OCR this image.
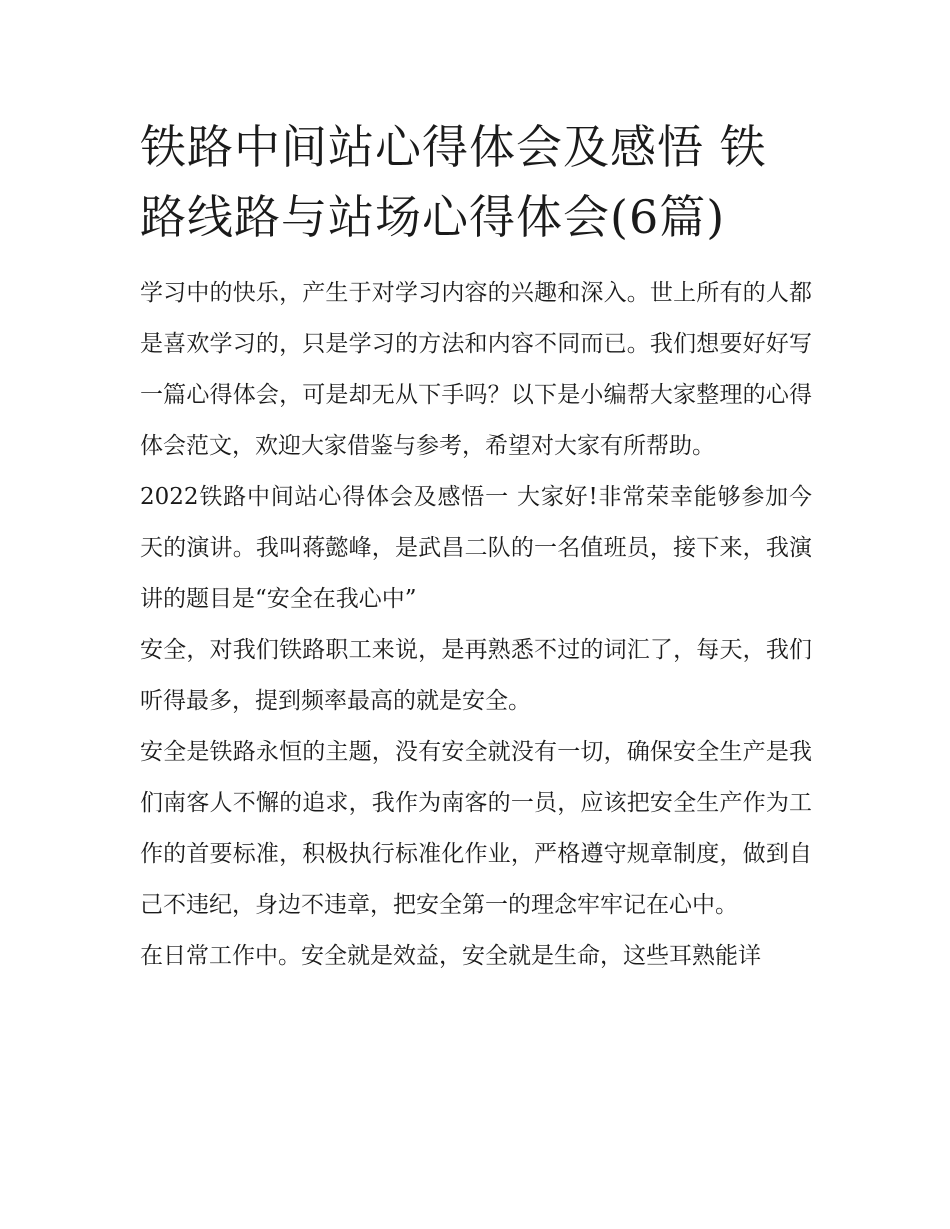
铁路中间站心得体会及感悟 铁路线路与站场心得体会(6篇)

学习中的快乐，产生于对学习内容的兴趣和深入。世上所有的人都是喜欢学习的，只是学习的方法和内容不同而已。我们想要好好写一篇心得体会，可是却无从下手吗？以下是小编帮大家整理的心得体会范文，欢迎大家借鉴与参考，希望对大家有所帮助。

2022铁路中间站心得体会及感悟一 大家好!非常荣幸能够参加今天的演讲。我叫蒋懿峰，是武昌二队的一名值班员，接下来，我演讲的题目是“安全在我心中”

安全，对我们铁路职工来说，是再熟悉不过的词汇了，每天，我们听得最多，提到频率最高的就是安全。

安全是铁路永恒的主题，没有安全就没有一切，确保安全生产是我们南客人不懈的追求，我作为南客的一员，应该把安全生产作为工作的首要标准，积极执行标准化作业，严格遵守规章制度，做到自己不违纪，身边不违章，把安全第一的理念牢牢记在心中。

在日常工作中。安全就是效益，安全就是生命，这些耳熟能详
